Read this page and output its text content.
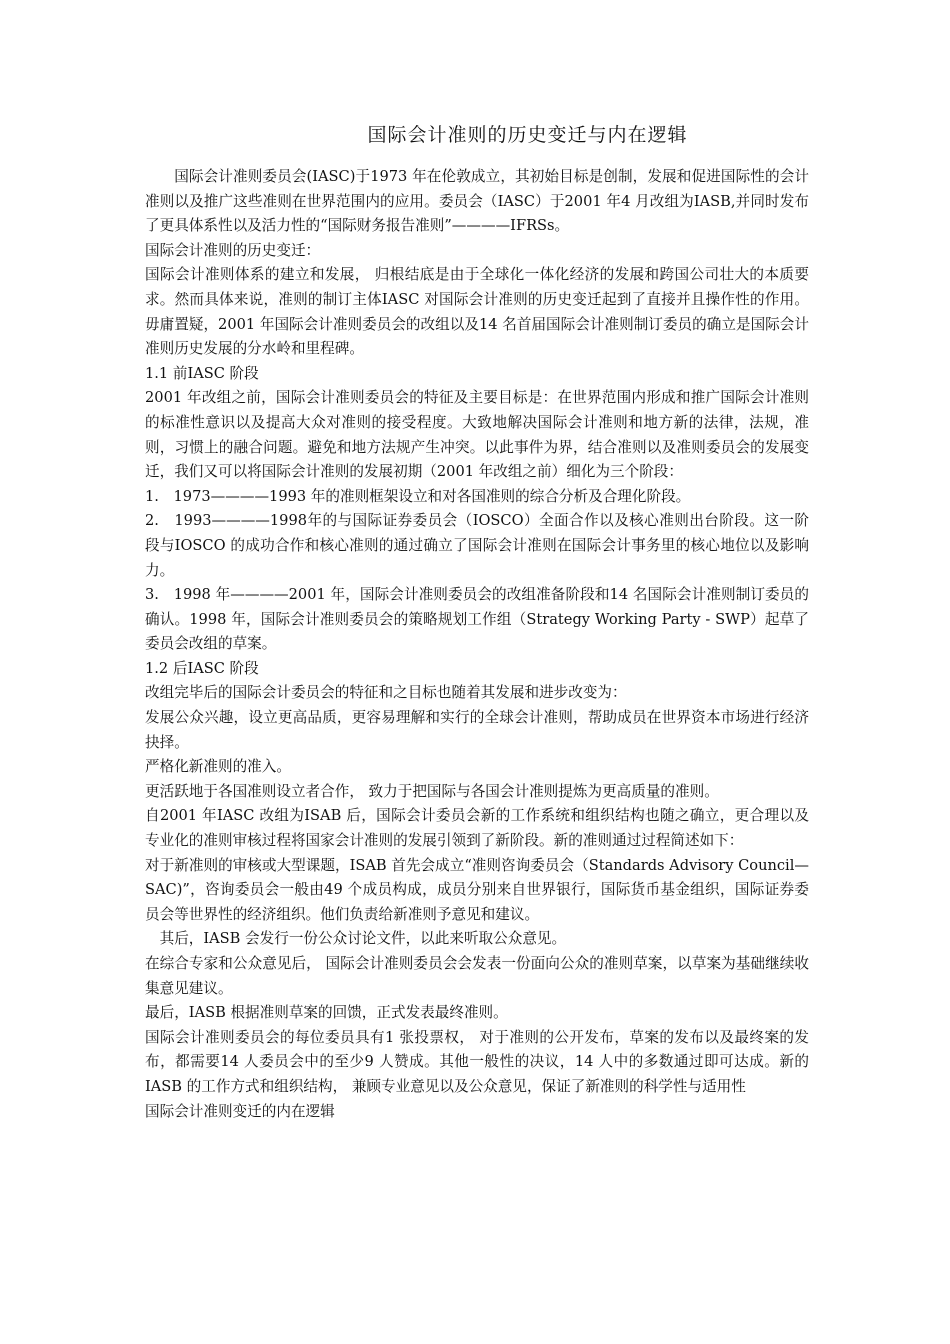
国际会计准则的历史变迁与内在逻辑

国际会计准则委员会(IASC)于1973 年在伦敦成立，其初始目标是创制，发展和促进国际性的会计准则以及推广这些准则在世界范围内的应用。委员会（IASC）于2001 年4 月改组为IASB,并同时发布了更具体系性以及活力性的“国际财务报告准则”————IFRSs。

国际会计准则的历史变迁：

国际会计准则体系的建立和发展， 归根结底是由于全球化一体化经济的发展和跨国公司壮大的本质要求。然而具体来说，准则的制订主体IASC 对国际会计准则的历史变迁起到了直接并且操作性的作用。毋庸置疑，2001 年国际会计准则委员会的改组以及14 名首届国际会计准则制订委员的确立是国际会计准则历史发展的分水岭和里程碑。

1.1 前IASC 阶段

2001 年改组之前，国际会计准则委员会的特征及主要目标是：在世界范围内形成和推广国际会计准则的标准性意识以及提高大众对准则的接受程度。大致地解决国际会计准则和地方新的法律，法规，准则，习惯上的融合问题。避免和地方法规产生冲突。以此事件为界，结合准则以及准则委员会的发展变迁，我们又可以将国际会计准则的发展初期（2001 年改组之前）细化为三个阶段：

1.　1973————1993 年的准则框架设立和对各国准则的综合分析及合理化阶段。

2.　1993————1998年的与国际证券委员会（IOSCO）全面合作以及核心准则出台阶段。这一阶段与IOSCO 的成功合作和核心准则的通过确立了国际会计准则在国际会计事务里的核心地位以及影响力。

3.　1998 年————2001 年，国际会计准则委员会的改组准备阶段和14 名国际会计准则制订委员的确认。1998 年，国际会计准则委员会的策略规划工作组（Strategy Working Party - SWP）起草了委员会改组的草案。

1.2 后IASC 阶段

改组完毕后的国际会计委员会的特征和之目标也随着其发展和进步改变为：

发展公众兴趣，设立更高品质，更容易理解和实行的全球会计准则，帮助成员在世界资本市场进行经济抉择。

严格化新准则的准入。

更活跃地于各国准则设立者合作， 致力于把国际与各国会计准则提炼为更高质量的准则。

自2001 年IASC 改组为ISAB 后，国际会计委员会新的工作系统和组织结构也随之确立，更合理以及专业化的准则审核过程将国家会计准则的发展引领到了新阶段。新的准则通过过程简述如下：

对于新准则的审核或大型课题，ISAB 首先会成立“准则咨询委员会（Standards Advisory Council—SAC)”，咨询委员会一般由49 个成员构成，成员分别来自世界银行，国际货币基金组织，国际证券委员会等世界性的经济组织。他们负责给新准则予意见和建议。

其后，IASB 会发行一份公众讨论文件，以此来听取公众意见。

在综合专家和公众意见后， 国际会计准则委员会会发表一份面向公众的准则草案，以草案为基础继续收集意见建议。

最后，IASB 根据准则草案的回馈，正式发表最终准则。

国际会计准则委员会的每位委员具有1 张投票权， 对于准则的公开发布，草案的发布以及最终案的发布，都需要14 人委员会中的至少9 人赞成。其他一般性的决议，14 人中的多数通过即可达成。新的IASB 的工作方式和组织结构， 兼顾专业意见以及公众意见，保证了新准则的科学性与适用性

国际会计准则变迁的内在逻辑
